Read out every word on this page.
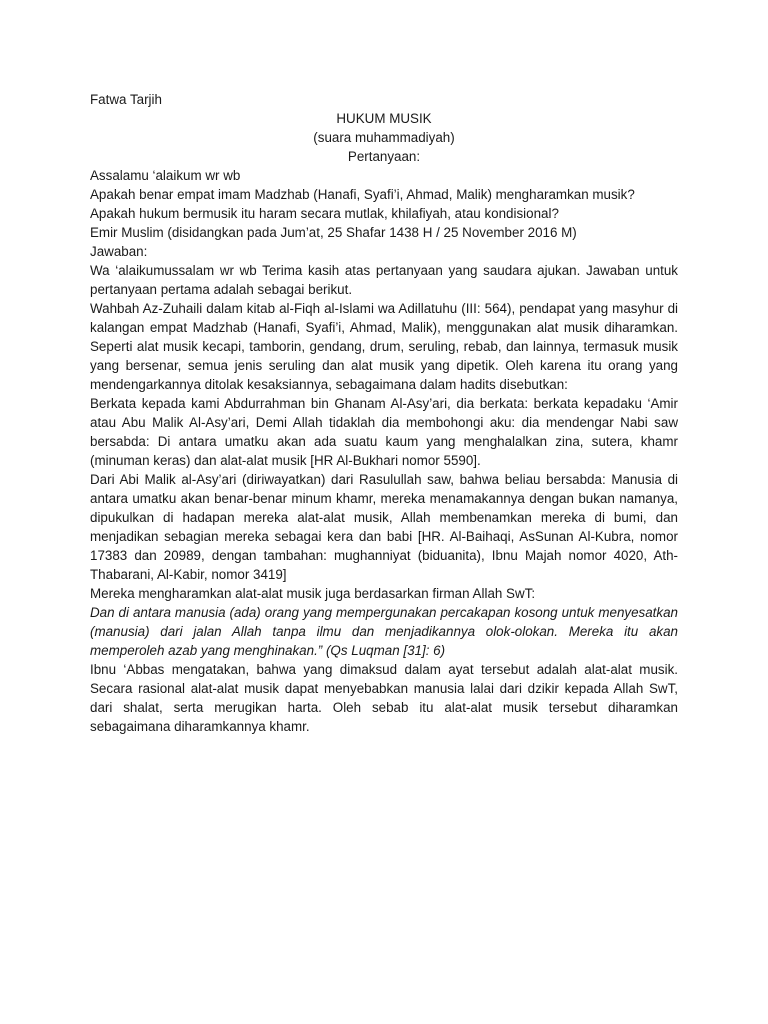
Fatwa Tarjih

HUKUM MUSIK

(suara muhammadiyah)

Pertanyaan:

Assalamu ‘alaikum wr wb

Apakah benar empat imam Madzhab (Hanafi, Syafi’i, Ahmad, Malik) mengharamkan musik?

Apakah hukum bermusik itu haram secara mutlak, khilafiyah, atau kondisional?

Emir Muslim (disidangkan pada Jum’at, 25 Shafar 1438 H / 25 November 2016 M)

Jawaban:

Wa ‘alaikumussalam wr wb Terima kasih atas pertanyaan yang saudara ajukan. Jawaban untuk pertanyaan pertama adalah sebagai berikut.

Wahbah Az-Zuhaili dalam kitab al-Fiqh al-Islami wa Adillatuhu (III: 564), pendapat yang masyhur di kalangan empat Madzhab (Hanafi, Syafi’i, Ahmad, Malik), menggunakan alat musik diharamkan. Seperti alat musik kecapi, tamborin, gendang, drum, seruling, rebab, dan lainnya, termasuk musik yang bersenar, semua jenis seruling dan alat musik yang dipetik. Oleh karena itu orang yang mendengarkannya ditolak kesaksiannya, sebagaimana dalam hadits disebutkan:

Berkata kepada kami Abdurrahman bin Ghanam Al-Asy’ari, dia berkata: berkata kepadaku ‘Amir atau Abu Malik Al-Asy’ari, Demi Allah tidaklah dia membohongi aku: dia mendengar Nabi saw bersabda: Di antara umatku akan ada suatu kaum yang menghalalkan zina, sutera, khamr (minuman keras) dan alat-alat musik [HR Al-Bukhari nomor 5590].

Dari Abi Malik al-Asy’ari (diriwayatkan) dari Rasulullah saw, bahwa beliau bersabda: Manusia di antara umatku akan benar-benar minum khamr, mereka menamakannya dengan bukan namanya, dipukulkan di hadapan mereka alat-alat musik, Allah membenamkan mereka di bumi, dan menjadikan sebagian mereka sebagai kera dan babi [HR. Al-Baihaqi, AsSunan Al-Kubra, nomor 17383 dan 20989, dengan tambahan: mughanniyat (biduanita), Ibnu Majah nomor 4020, Ath-Thabarani, Al-Kabir, nomor 3419]

Mereka mengharamkan alat-alat musik juga berdasarkan firman Allah SwT:

Dan di antara manusia (ada) orang yang mempergunakan percakapan kosong untuk menyesatkan (manusia) dari jalan Allah tanpa ilmu dan menjadikannya olok-olokan. Mereka itu akan memperoleh azab yang menghinakan.” (Qs Luqman [31]: 6)

Ibnu ‘Abbas mengatakan, bahwa yang dimaksud dalam ayat tersebut adalah alat-alat musik. Secara rasional alat-alat musik dapat menyebabkan manusia lalai dari dzikir kepada Allah SwT, dari shalat, serta merugikan harta. Oleh sebab itu alat-alat musik tersebut diharamkan sebagaimana diharamkannya khamr.
